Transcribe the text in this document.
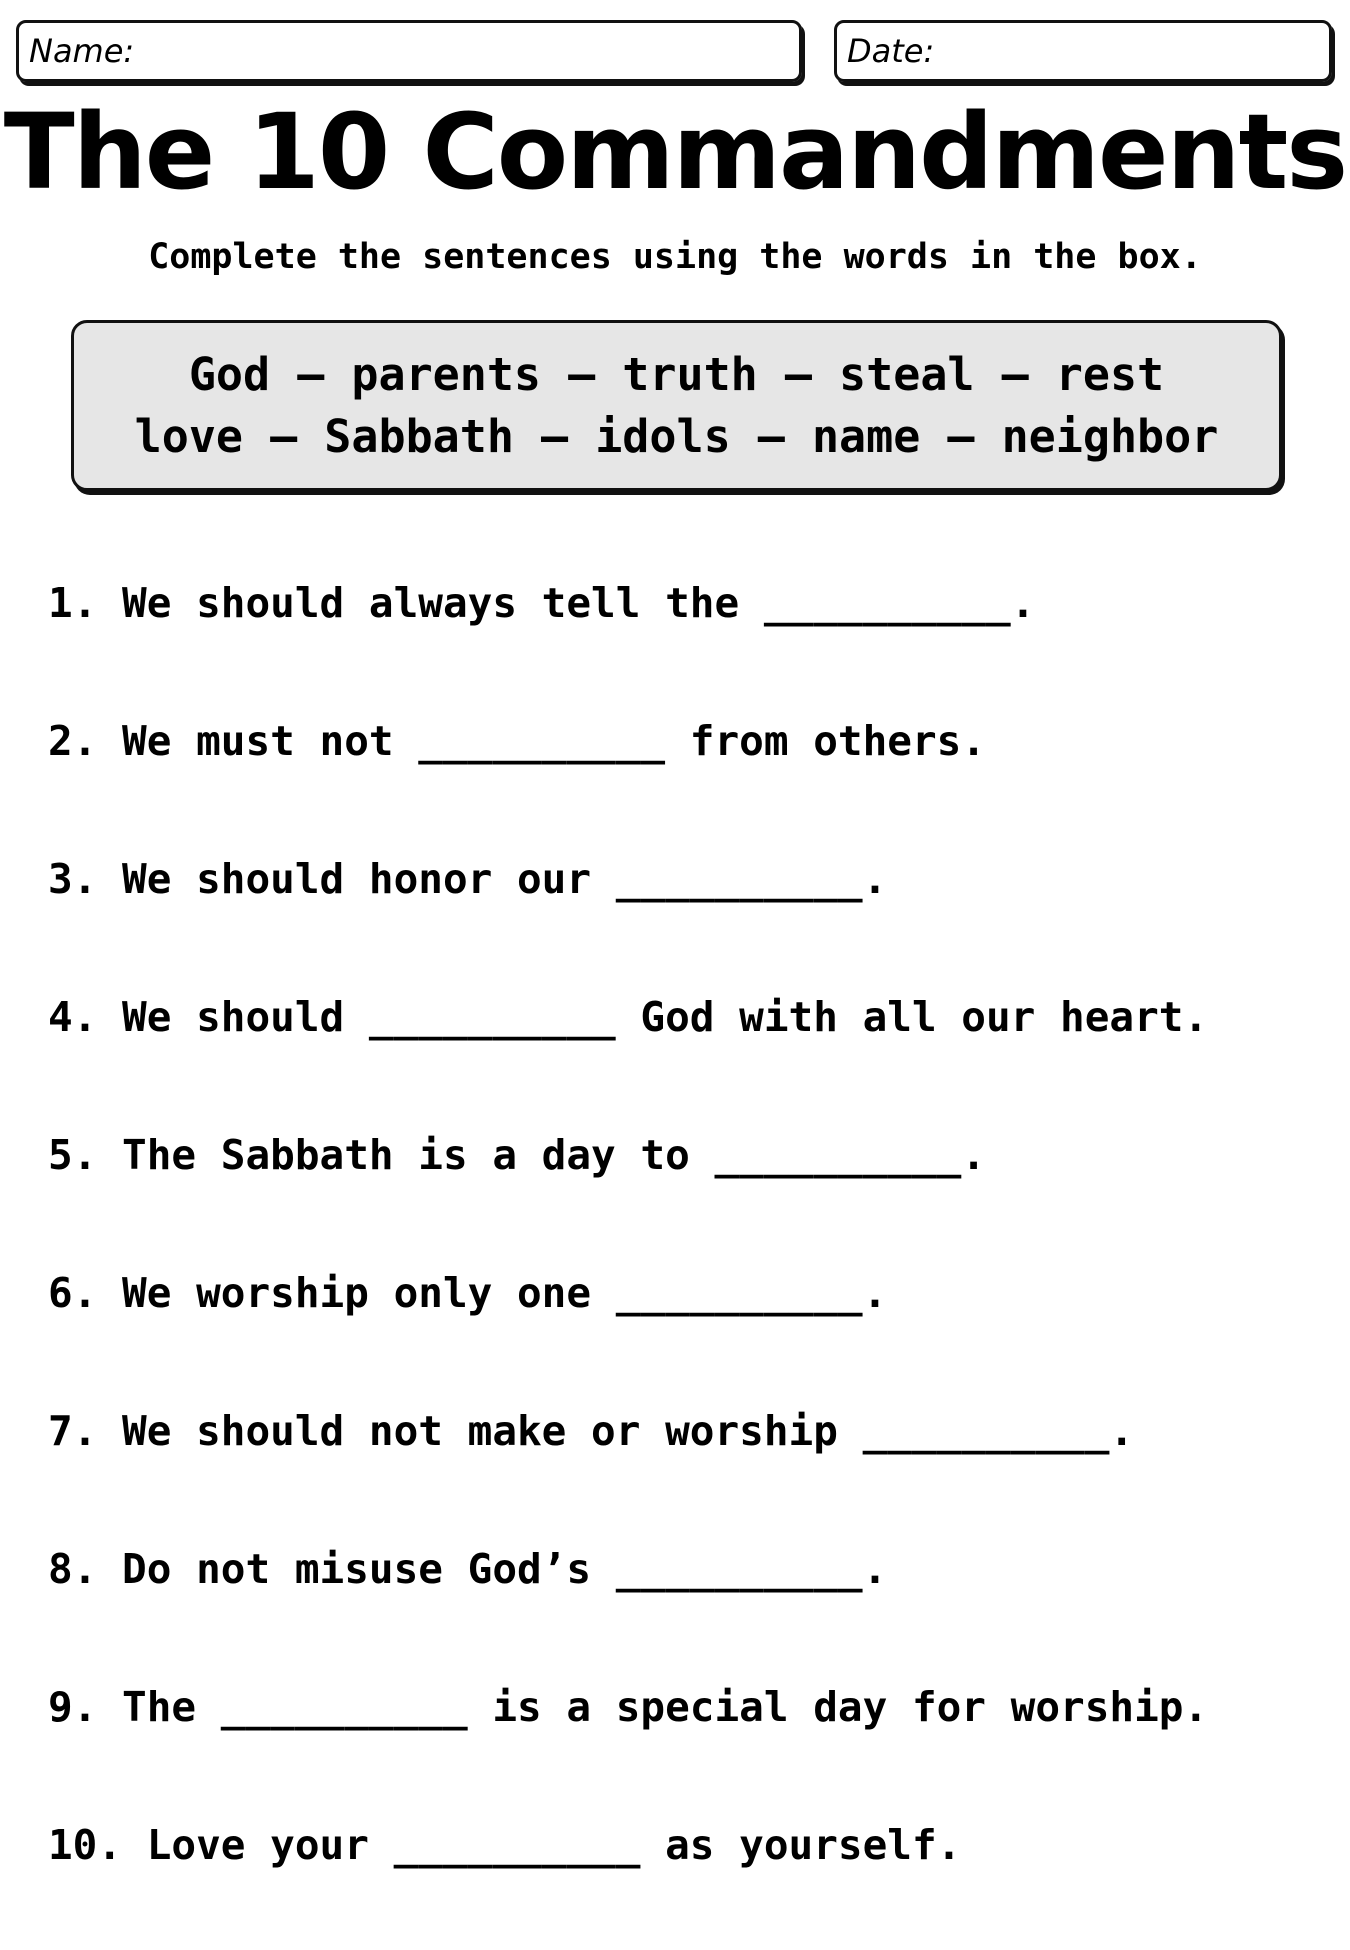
Name:	Date:
The 10 Commandments
Complete the sentences using the words in the box.
God – parents – truth – steal – rest
love – Sabbath – idols – name – neighbor
1. We should always tell the __________.
2. We must not __________ from others.
3. We should honor our __________.
4. We should __________ God with all our heart.
5. The Sabbath is a day to __________.
6. We worship only one __________.
7. We should not make or worship __________.
8. Do not misuse God’s __________.
9. The __________ is a special day for worship.
10. Love your __________ as yourself.
